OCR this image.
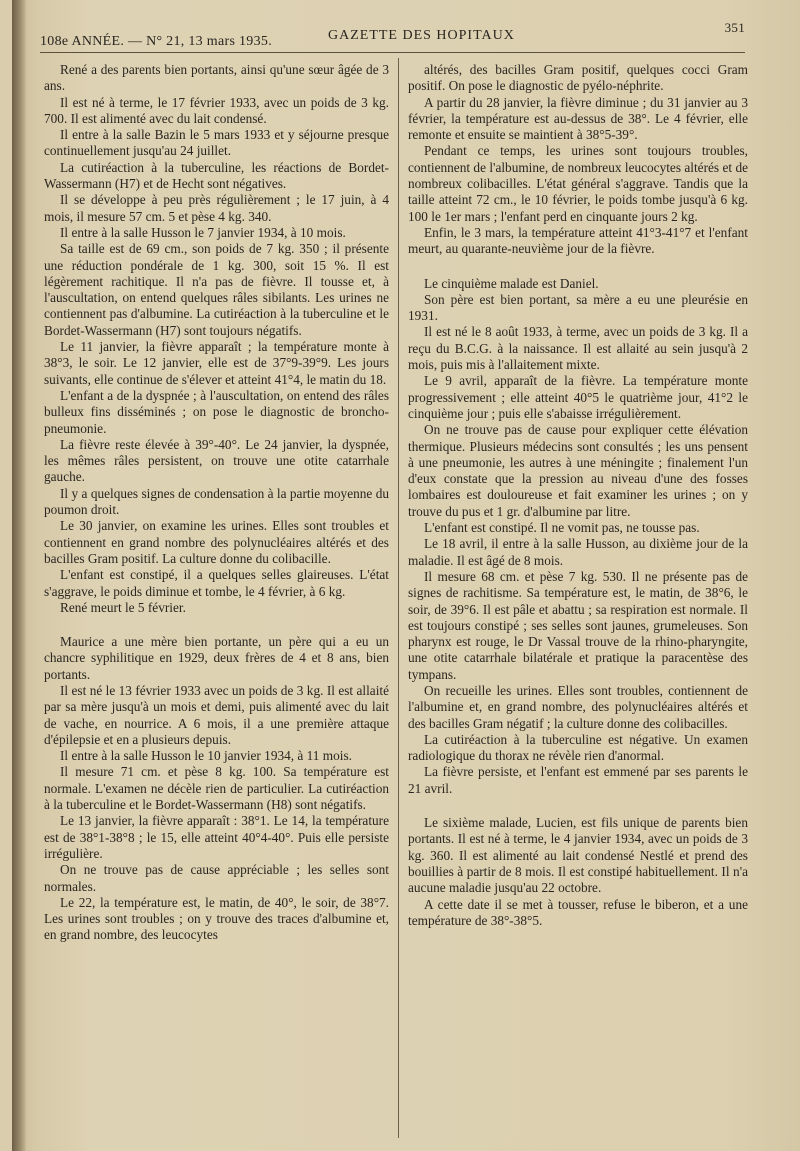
108e ANNÉE. — N° 21, 13 mars 1935.	GAZETTE DES HOPITAUX
351

René a des parents bien portants, ainsi qu'une sœur âgée de 3 ans.

Il est né à terme, le 17 février 1933, avec un poids de 3 kg. 700. Il est alimenté avec du lait condensé.

Il entre à la salle Bazin le 5 mars 1933 et y séjourne presque continuellement jusqu'au 24 juillet.

La cutiréaction à la tuberculine, les réactions de Bordet-Wassermann (H7) et de Hecht sont négatives.

Il se développe à peu près régulièrement ; le 17 juin, à 4 mois, il mesure 57 cm. 5 et pèse 4 kg. 340.

Il entre à la salle Husson le 7 janvier 1934, à 10 mois.

Sa taille est de 69 cm., son poids de 7 kg. 350 ; il présente une réduction pondérale de 1 kg. 300, soit 15 %. Il est légèrement rachitique. Il n'a pas de fièvre. Il tousse et, à l'auscultation, on entend quelques râles sibilants. Les urines ne contiennent pas d'albumine. La cutiréaction à la tuberculine et le Bordet-Wassermann (H7) sont toujours négatifs.

Le 11 janvier, la fièvre apparaît ; la température monte à 38°3, le soir. Le 12 janvier, elle est de 37°9-39°9. Les jours suivants, elle continue de s'élever et atteint 41°4, le matin du 18.

L'enfant a de la dyspnée ; à l'auscultation, on entend des râles bulleux fins disséminés ; on pose le diagnostic de broncho-pneumonie.

La fièvre reste élevée à 39°-40°. Le 24 janvier, la dyspnée, les mêmes râles persistent, on trouve une otite catarrhale gauche.

Il y a quelques signes de condensation à la partie moyenne du poumon droit.

Le 30 janvier, on examine les urines. Elles sont troubles et contiennent en grand nombre des polynucléaires altérés et des bacilles Gram positif. La culture donne du colibacille.

L'enfant est constipé, il a quelques selles glaireuses. L'état s'aggrave, le poids diminue et tombe, le 4 février, à 6 kg.

René meurt le 5 février.

Maurice a une mère bien portante, un père qui a eu un chancre syphilitique en 1929, deux frères de 4 et 8 ans, bien portants.

Il est né le 13 février 1933 avec un poids de 3 kg. Il est allaité par sa mère jusqu'à un mois et demi, puis alimenté avec du lait de vache, en nourrice. A 6 mois, il a une première attaque d'épilepsie et en a plusieurs depuis.

Il entre à la salle Husson le 10 janvier 1934, à 11 mois.

Il mesure 71 cm. et pèse 8 kg. 100. Sa température est normale. L'examen ne décèle rien de particulier. La cutiréaction à la tuberculine et le Bordet-Wassermann (H8) sont négatifs.

Le 13 janvier, la fièvre apparaît : 38°1. Le 14, la température est de 38°1-38°8 ; le 15, elle atteint 40°4-40°. Puis elle persiste irrégulière.

On ne trouve pas de cause appréciable ; les selles sont normales.

Le 22, la température est, le matin, de 40°, le soir, de 38°7. Les urines sont troubles ; on y trouve des traces d'albumine et, en grand nombre, des leucocytes

altérés, des bacilles Gram positif, quelques cocci Gram positif. On pose le diagnostic de pyélo-néphrite.

A partir du 28 janvier, la fièvre diminue ; du 31 janvier au 3 février, la température est au-dessus de 38°. Le 4 février, elle remonte et ensuite se maintient à 38°5-39°.

Pendant ce temps, les urines sont toujours troubles, contiennent de l'albumine, de nombreux leucocytes altérés et de nombreux colibacilles. L'état général s'aggrave. Tandis que la taille atteint 72 cm., le 10 février, le poids tombe jusqu'à 6 kg. 100 le 1er mars ; l'enfant perd en cinquante jours 2 kg.

Enfin, le 3 mars, la température atteint 41°3-41°7 et l'enfant meurt, au quarante-neuvième jour de la fièvre.

Le cinquième malade est Daniel.

Son père est bien portant, sa mère a eu une pleurésie en 1931.

Il est né le 8 août 1933, à terme, avec un poids de 3 kg. Il a reçu du B.C.G. à la naissance. Il est allaité au sein jusqu'à 2 mois, puis mis à l'allaitement mixte.

Le 9 avril, apparaît de la fièvre. La température monte progressivement ; elle atteint 40°5 le quatrième jour, 41°2 le cinquième jour ; puis elle s'abaisse irrégulièrement.

On ne trouve pas de cause pour expliquer cette élévation thermique. Plusieurs médecins sont consultés ; les uns pensent à une pneumonie, les autres à une méningite ; finalement l'un d'eux constate que la pression au niveau d'une des fosses lombaires est douloureuse et fait examiner les urines ; on y trouve du pus et 1 gr. d'albumine par litre.

L'enfant est constipé. Il ne vomit pas, ne tousse pas.

Le 18 avril, il entre à la salle Husson, au dixième jour de la maladie. Il est âgé de 8 mois.

Il mesure 68 cm. et pèse 7 kg. 530. Il ne présente pas de signes de rachitisme. Sa température est, le matin, de 38°6, le soir, de 39°6. Il est pâle et abattu ; sa respiration est normale. Il est toujours constipé ; ses selles sont jaunes, grumeleuses. Son pharynx est rouge, le Dr Vassal trouve de la rhino-pharyngite, une otite catarrhale bilatérale et pratique la paracentèse des tympans.

On recueille les urines. Elles sont troubles, contiennent de l'albumine et, en grand nombre, des polynucléaires altérés et des bacilles Gram négatif ; la culture donne des colibacilles.

La cutiréaction à la tuberculine est négative. Un examen radiologique du thorax ne révèle rien d'anormal.

La fièvre persiste, et l'enfant est emmené par ses parents le 21 avril.

Le sixième malade, Lucien, est fils unique de parents bien portants. Il est né à terme, le 4 janvier 1934, avec un poids de 3 kg. 360. Il est alimenté au lait condensé Nestlé et prend des bouillies à partir de 8 mois. Il est constipé habituellement. Il n'a aucune maladie jusqu'au 22 octobre.

A cette date il se met à tousser, refuse le biberon, et a une température de 38°-38°5.
